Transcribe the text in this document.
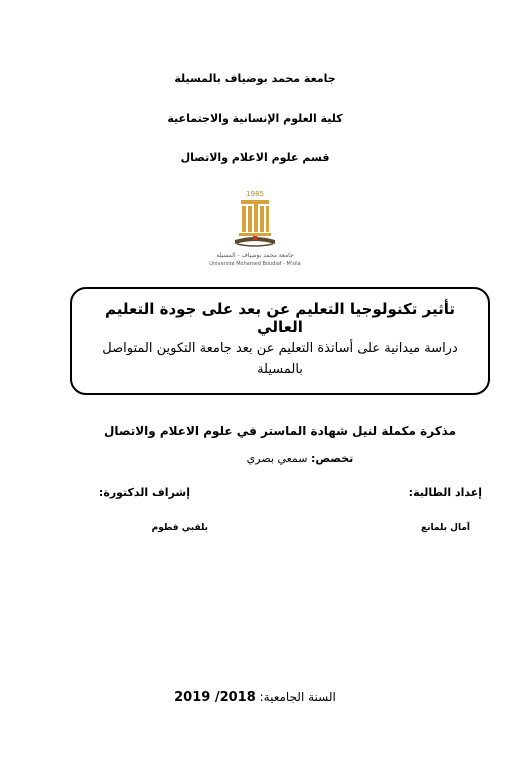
جامعة محمد بوضياف بالمسيلة
كلية العلوم الإنسانية والاجتماعية
قسم علوم الاعلام والاتصال
1985
جامعة محمد بوضياف - المسيلة
Université Mohamed Boudiaf - M'sila
تأثير تكنولوجيا التعليم عن بعد على جودة التعليم العالي
دراسة ميدانية على أساتذة التعليم عن بعد جامعة التكوين المتواصل بالمسيلة
مذكرة مكملة لنيل شهادة الماستر في علوم الاعلام والاتصال
تخصص: سمعي بصري
إعداد الطالبة:
إشراف الدكتورة:
آمال بلمانع
بلقبي فطوم
السنة الجامعية: 2018/ 2019
